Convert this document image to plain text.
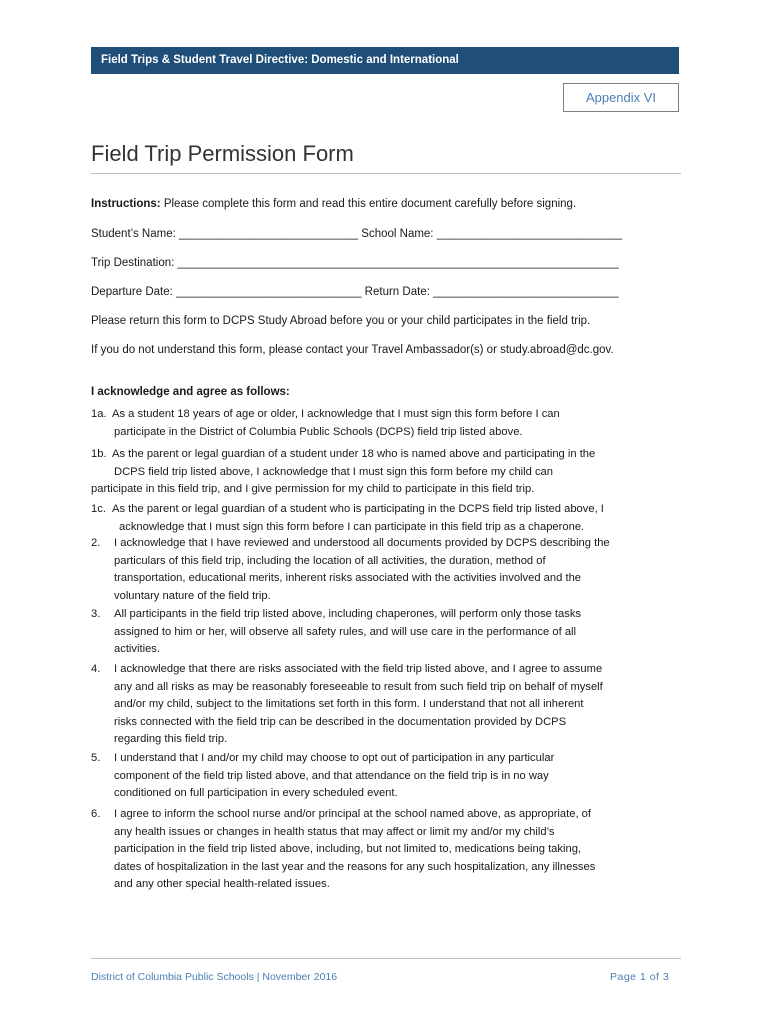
Field Trips & Student Travel Directive: Domestic and International
Appendix VI
Field Trip Permission Form
Instructions: Please complete this form and read this entire document carefully before signing.
Student’s Name: ____________________________ School Name: _____________________________
Trip Destination: _____________________________________________________________________
Departure Date: _____________________________ Return Date: _____________________________
Please return this form to DCPS Study Abroad before you or your child participates in the field trip.
If you do not understand this form, please contact your Travel Ambassador(s) or study.abroad@dc.gov.
I acknowledge and agree as follows:
1a. As a student 18 years of age or older, I acknowledge that I must sign this form before I can
participate in the District of Columbia Public Schools (DCPS) field trip listed above.
1b. As the parent or legal guardian of a student under 18 who is named above and participating in the
DCPS field trip listed above, I acknowledge that I must sign this form before my child can
participate in this field trip, and I give permission for my child to participate in this field trip.
1c. As the parent or legal guardian of a student who is participating in the DCPS field trip listed above, I
acknowledge that I must sign this form before I can participate in this field trip as a chaperone.
2. I acknowledge that I have reviewed and understood all documents provided by DCPS describing the
particulars of this field trip, including the location of all activities, the duration, method of
transportation, educational merits, inherent risks associated with the activities involved and the
voluntary nature of the field trip.
3. All participants in the field trip listed above, including chaperones, will perform only those tasks
assigned to him or her, will observe all safety rules, and will use care in the performance of all
activities.
4. I acknowledge that there are risks associated with the field trip listed above, and I agree to assume
any and all risks as may be reasonably foreseeable to result from such field trip on behalf of myself
and/or my child, subject to the limitations set forth in this form. I understand that not all inherent
risks connected with the field trip can be described in the documentation provided by DCPS
regarding this field trip.
5. I understand that I and/or my child may choose to opt out of participation in any particular
component of the field trip listed above, and that attendance on the field trip is in no way
conditioned on full participation in every scheduled event.
6. I agree to inform the school nurse and/or principal at the school named above, as appropriate, of
any health issues or changes in health status that may affect or limit my and/or my child’s
participation in the field trip listed above, including, but not limited to, medications being taking,
dates of hospitalization in the last year and the reasons for any such hospitalization, any illnesses
and any other special health-related issues.
District of Columbia Public Schools | November 2016	Page 1 of 3
